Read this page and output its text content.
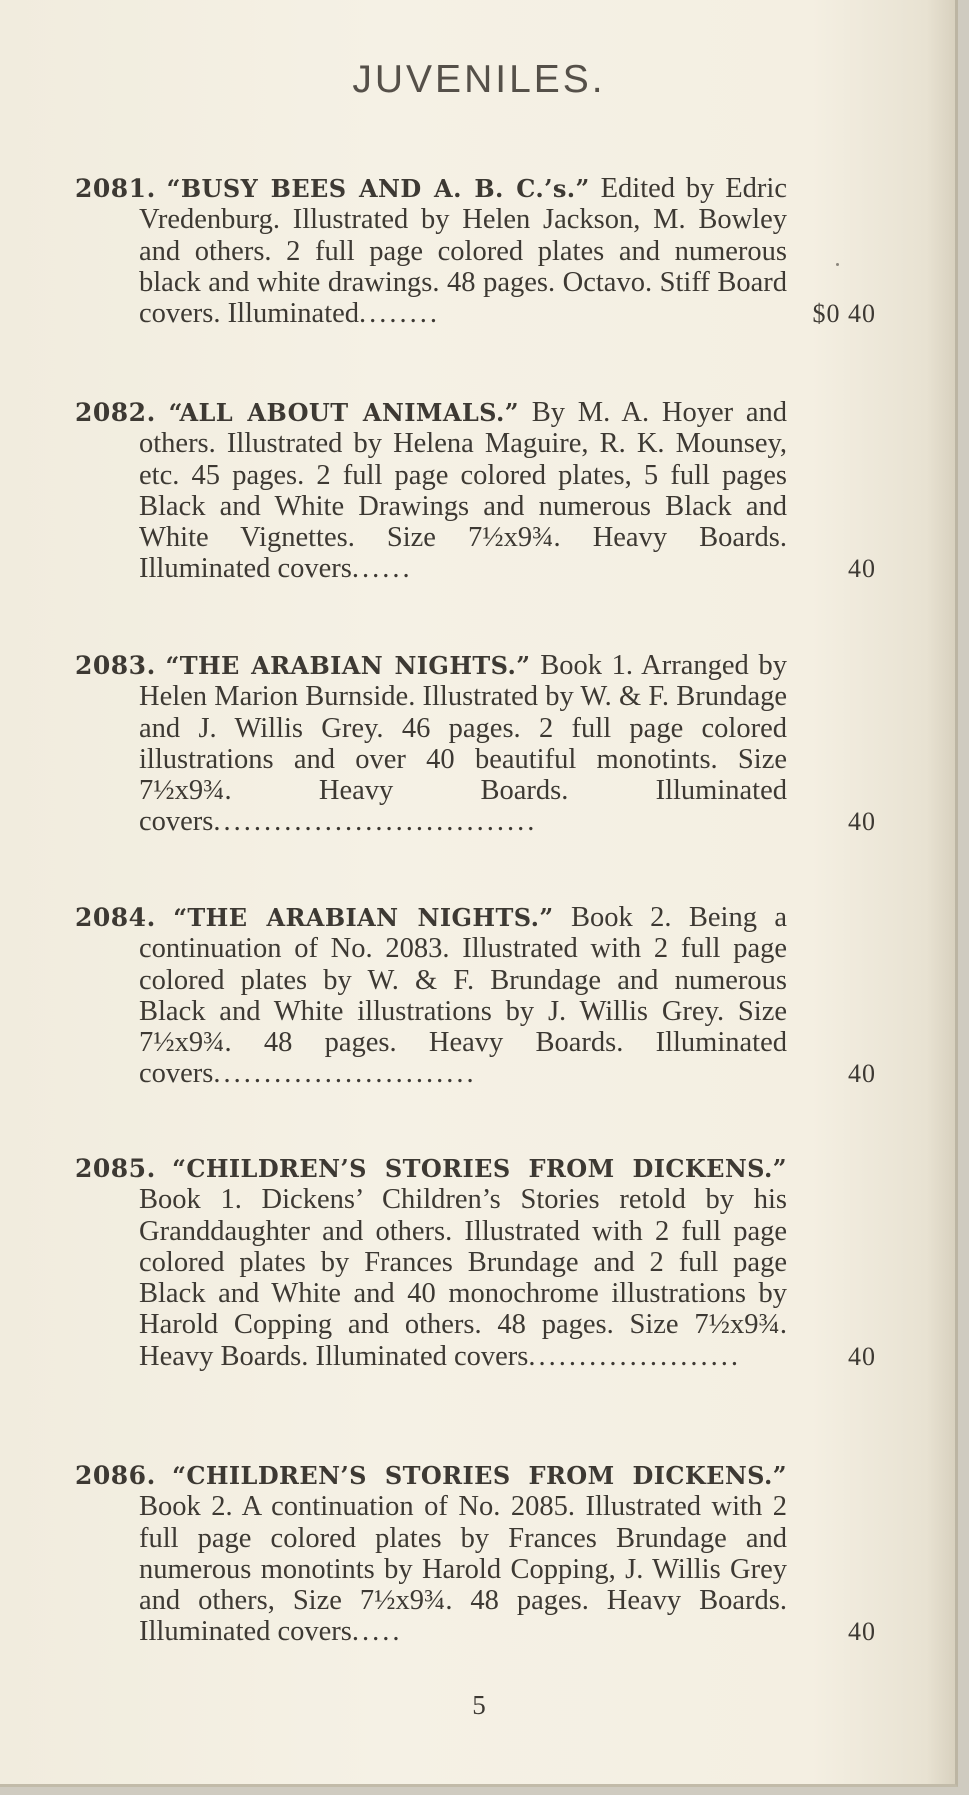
JUVENILES.
2081. “BUSY BEES AND A. B. C.’s.” Edited by Edric Vredenburg. Illustrated by Helen Jackson, M. Bowley and others. 2 full page colored plates and numerous black and white drawings. 48 pages. Octavo. Stiff Board covers. Illuminated........	$0 40
2082. “ALL ABOUT ANIMALS.” By M. A. Hoyer and others. Illustrated by Helena Maguire, R. K. Mounsey, etc. 45 pages. 2 full page colored plates, 5 full pages Black and White Drawings and numerous Black and White Vignettes. Size 7½x9¾. Heavy Boards. Illuminated covers......	40
2083. “THE ARABIAN NIGHTS.” Book 1. Arranged by Helen Marion Burnside. Illustrated by W. & F. Brundage and J. Willis Grey. 46 pages. 2 full page colored illustrations and over 40 beautiful monotints. Size 7½x9¾. Heavy Boards. Illuminated covers................................	40
2084. “THE ARABIAN NIGHTS.” Book 2. Being a continuation of No. 2083. Illustrated with 2 full page colored plates by W. & F. Brundage and numerous Black and White illustrations by J. Willis Grey. Size 7½x9¾. 48 pages. Heavy Boards. Illuminated covers..........................	40
2085. “CHILDREN’S STORIES FROM DICKENS.” Book 1. Dickens’ Children’s Stories retold by his Granddaughter and others. Illustrated with 2 full page colored plates by Frances Brundage and 2 full page Black and White and 40 monochrome illustrations by Harold Copping and others. 48 pages. Size 7½x9¾. Heavy Boards. Illuminated covers.....................	40
2086. “CHILDREN’S STORIES FROM DICKENS.” Book 2. A continuation of No. 2085. Illustrated with 2 full page colored plates by Frances Brundage and numerous monotints by Harold Copping, J. Willis Grey and others, Size 7½x9¾. 48 pages. Heavy Boards. Illuminated covers.....	40
5
